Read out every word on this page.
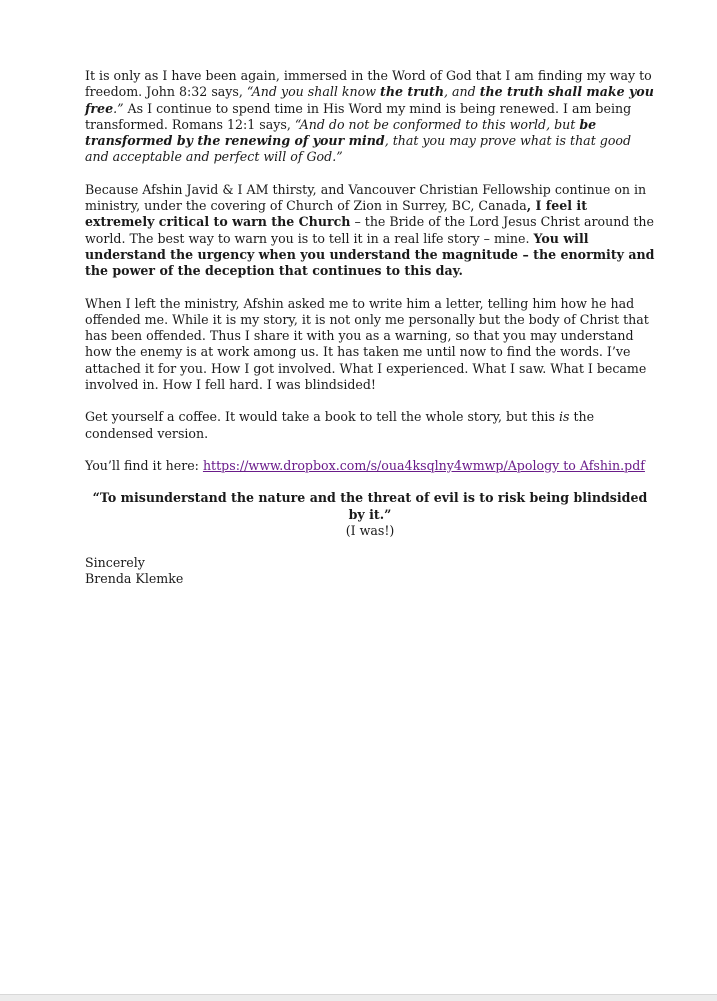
It is only as I have been again, immersed in the Word of God that I am finding my way to freedom. John 8:32 says, “And you shall know the truth, and the truth shall make you free.” As I continue to spend time in His Word my mind is being renewed. I am being transformed. Romans 12:1 says, “And do not be conformed to this world, but be transformed by the renewing of your mind, that you may prove what is that good and acceptable and perfect will of God.”

Because Afshin Javid & I AM thirsty, and Vancouver Christian Fellowship continue on in ministry, under the covering of Church of Zion in Surrey, BC, Canada, I feel it extremely critical to warn the Church – the Bride of the Lord Jesus Christ around the world. The best way to warn you is to tell it in a real life story – mine. You will understand the urgency when you understand the magnitude – the enormity and the power of the deception that continues to this day.

When I left the ministry, Afshin asked me to write him a letter, telling him how he had offended me. While it is my story, it is not only me personally but the body of Christ that has been offended. Thus I share it with you as a warning, so that you may understand how the enemy is at work among us. It has taken me until now to find the words. I’ve attached it for you. How I got involved. What I experienced. What I saw. What I became involved in. How I fell hard. I was blindsided!

Get yourself a coffee. It would take a book to tell the whole story, but this is the condensed version.

You’ll find it here: https://www.dropbox.com/s/oua4ksqlny4wmwp/Apology to Afshin.pdf

“To misunderstand the nature and the threat of evil is to risk being blindsided by it.”
(I was!)

Sincerely
Brenda Klemke
